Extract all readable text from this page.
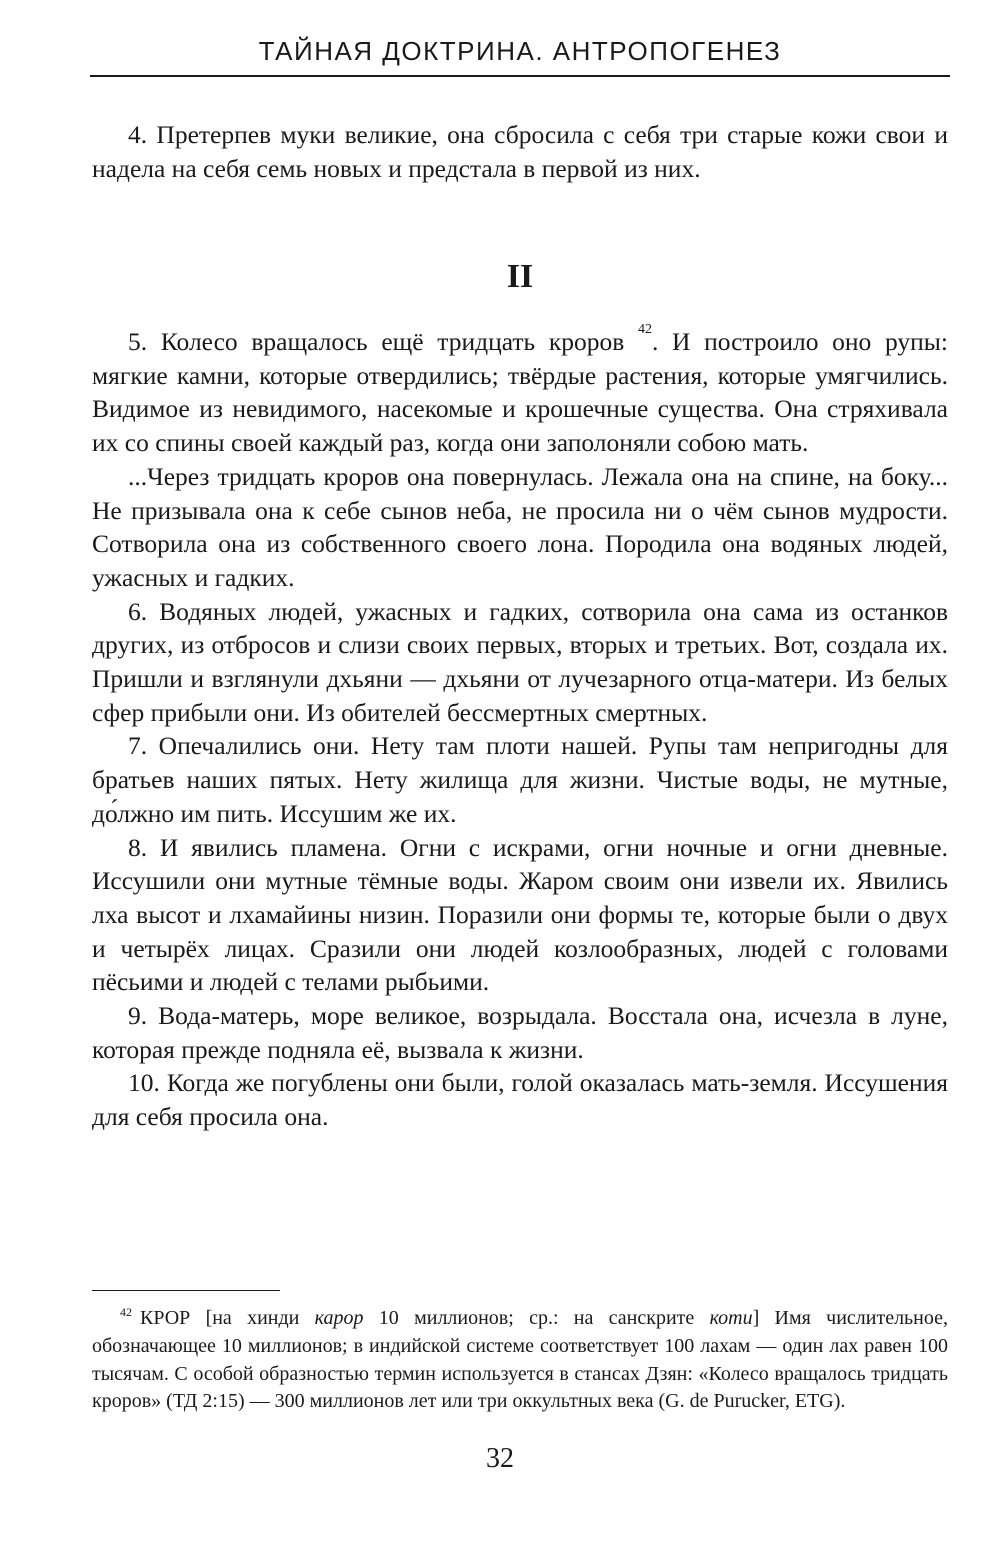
ТАЙНАЯ ДОКТРИНА. АНТРОПОГЕНЕЗ

4. Претерпев муки великие, она сбросила с себя три старые кожи свои и надела на себя семь новых и предстала в первой из них.

II

5. Колесо вращалось ещё тридцать кроров $^{42}$. И построило оно рупы: мягкие камни, которые отвердились; твёрдые растения, которые умягчились. Видимое из невидимого, насекомые и крошечные существа. Она стряхивала их со спины своей каждый раз, когда они заполоняли собою мать.

...Через тридцать кроров она повернулась. Лежала она на спине, на боку... Не призывала она к себе сынов неба, не просила ни о чём сынов мудрости. Сотворила она из собственного своего лона. Породила она водяных людей, ужасных и гадких.

6. Водяных людей, ужасных и гадких, сотворила она сама из останков других, из отбросов и слизи своих первых, вторых и третьих. Вот, создала их. Пришли и взглянули дхьяни — дхьяни от лучезарного отца-матери. Из белых сфер прибыли они. Из обителей бессмертных смертных.

7. Опечалились они. Нету там плоти нашей. Рупы там непригодны для братьев наших пятых. Нету жилища для жизни. Чистые воды, не мутные, до́лжно им пить. Иссушим же их.

8. И явились пламена. Огни с искрами, огни ночные и огни дневные. Иссушили они мутные тёмные воды. Жаром своим они извели их. Явились лха высот и лхамайины низин. Поразили они формы те, которые были о двух и четырёх лицах. Сразили они людей козлообразных, людей с головами пёсьими и людей с телами рыбьими.

9. Вода-матерь, море великое, возрыдала. Восстала она, исчезла в луне, которая прежде подняла её, вызвала к жизни.

10. Когда же погублены они были, голой оказалась мать-земля. Иссушения для себя просила она.

$^{42}$ КРОР [на хинди карор 10 миллионов; ср.: на санскрите коти] Имя числительное, обозначающее 10 миллионов; в индийской системе соответствует 100 лахам — один лах равен 100 тысячам. С особой образностью термин используется в стансах Дзян: «Колесо вращалось тридцать кроров» (ТД 2:15) — 300 миллионов лет или три оккультных века (G. de Purucker, ETG).

32
